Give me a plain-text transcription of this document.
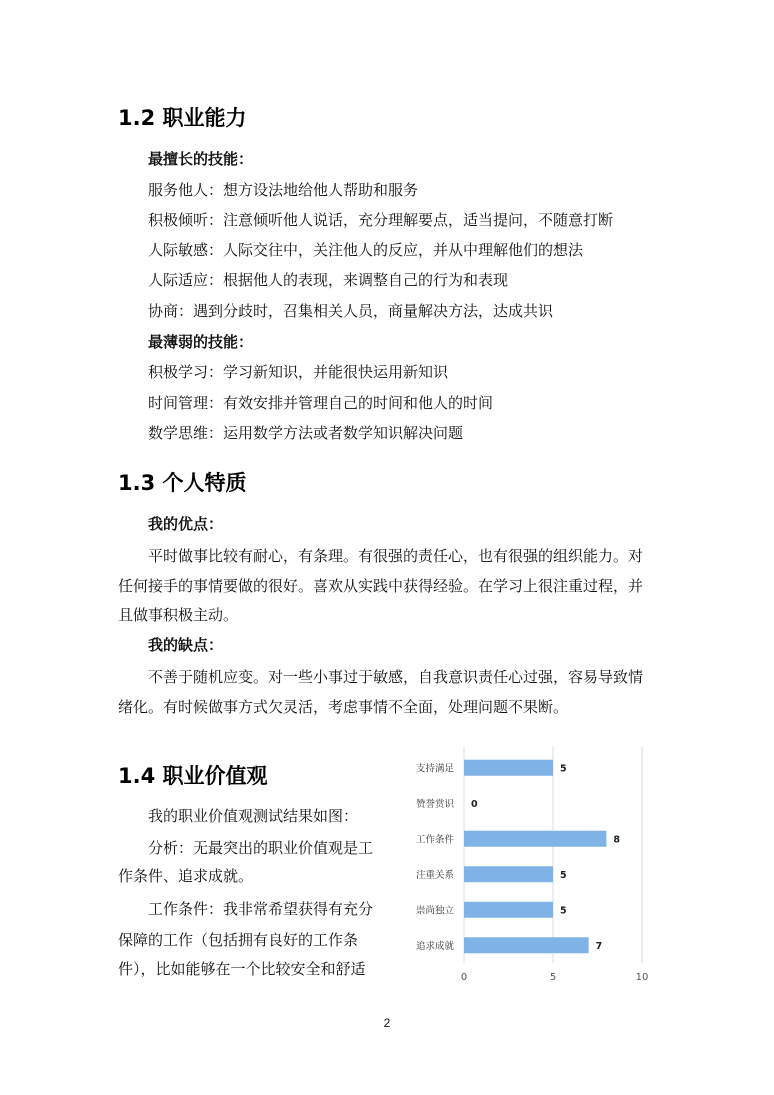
1.2 职业能力
最擅长的技能：
服务他人：想方设法地给他人帮助和服务
积极倾听：注意倾听他人说话，充分理解要点，适当提问，不随意打断
人际敏感：人际交往中，关注他人的反应，并从中理解他们的想法
人际适应：根据他人的表现，来调整自己的行为和表现
协商：遇到分歧时，召集相关人员，商量解决方法，达成共识
最薄弱的技能：
积极学习：学习新知识，并能很快运用新知识
时间管理：有效安排并管理自己的时间和他人的时间
数学思维：运用数学方法或者数学知识解决问题
1.3 个人特质
我的优点：
平时做事比较有耐心，有条理。有很强的责任心，也有很强的组织能力。对
任何接手的事情要做的很好。喜欢从实践中获得经验。在学习上很注重过程，并
且做事积极主动。
我的缺点：
不善于随机应变。对一些小事过于敏感，自我意识责任心过强，容易导致情
绪化。有时候做事方式欠灵活，考虑事情不全面，处理问题不果断。
1.4 职业价值观
我的职业价值观测试结果如图：
分析：无最突出的职业价值观是工
作条件、追求成就。
工作条件：我非常希望获得有充分
保障的工作（包括拥有良好的工作条
件），比如能够在一个比较安全和舒适	0	5	10
支持满足	5
赞誉赏识 0
工作条件	8
注重关系	5
崇尚独立	5
追求成就	7
2
